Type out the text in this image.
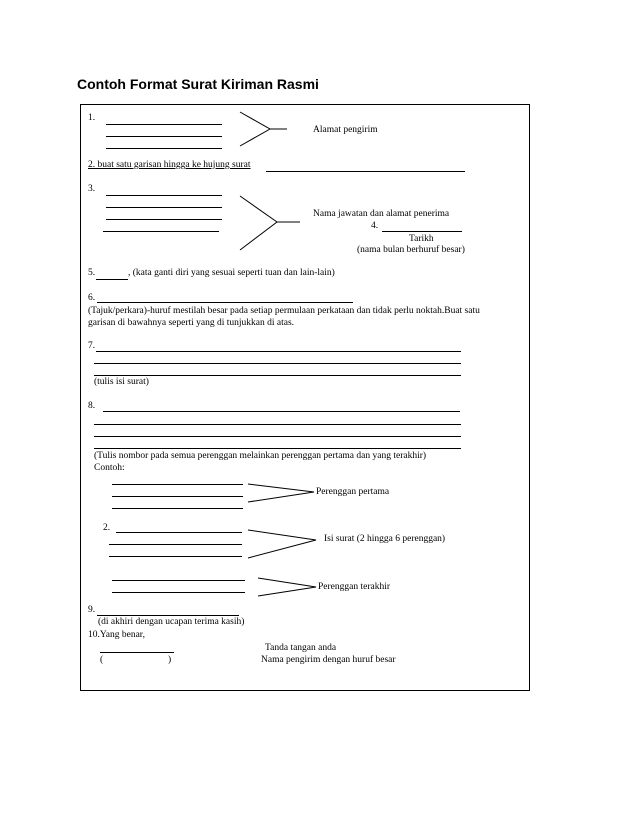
Contoh Format Surat Kiriman Rasmi
1.
Alamat pengirim
2. buat satu garisan hingga ke hujung surat
3.
Nama jawatan dan alamat penerima
4.
Tarikh
(nama bulan berhuruf besar)
5.	, (kata ganti diri yang sesuai seperti tuan dan lain-lain)
6.
(Tajuk/perkara)-huruf mestilah besar pada setiap permulaan perkataan dan tidak perlu noktah.Buat satu
garisan di bawahnya seperti yang di tunjukkan di atas.
7.
(tulis isi surat)
8.
(Tulis nombor pada semua perenggan melainkan perenggan pertama dan yang terakhir)
Contoh:
Perenggan pertama
2.
Isi surat (2 hingga 6 perenggan)
Perenggan terakhir
9.
(di akhiri dengan ucapan terima kasih)
10.Yang benar,
(	)
Tanda tangan anda
Nama pengirim dengan huruf besar
